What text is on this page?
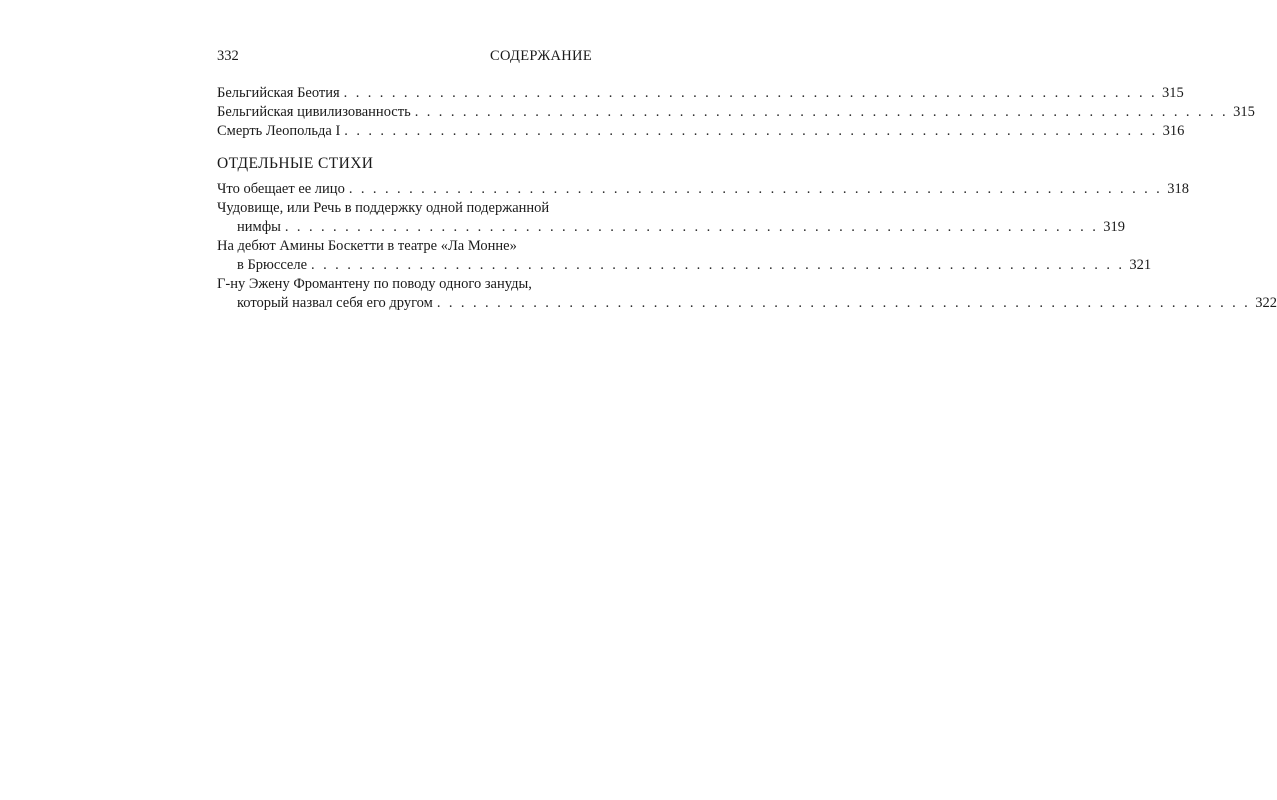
332	СОДЕРЖАНИЕ
Бельгийская Беотия . . . . . . . . . . . . . . . . . . . . . . . . . . . . . . . . . . . . . . . . . . . . . . . . . . . . . . . . . . . . . . . . . . . . 315
Бельгийская цивилизованность . . . . . . . . . . . . . . . . . . . . . . . . . . . . . . . . . . . . . . . . . . . . . . . . . . . . . . . . . . . . . . . . . . . . 315
Смерть Леопольда I . . . . . . . . . . . . . . . . . . . . . . . . . . . . . . . . . . . . . . . . . . . . . . . . . . . . . . . . . . . . . . . . . . . . 316
ОТДЕЛЬНЫЕ СТИХИ
Что обещает ее лицо . . . . . . . . . . . . . . . . . . . . . . . . . . . . . . . . . . . . . . . . . . . . . . . . . . . . . . . . . . . . . . . . . . . . 318
Чудовище, или Речь в поддержку одной подержанной
нимфы . . . . . . . . . . . . . . . . . . . . . . . . . . . . . . . . . . . . . . . . . . . . . . . . . . . . . . . . . . . . . . . . . . . . 319
На дебют Амины Боскетти в театре «Ла Монне»
в Брюсселе . . . . . . . . . . . . . . . . . . . . . . . . . . . . . . . . . . . . . . . . . . . . . . . . . . . . . . . . . . . . . . . . . . . . 321
Г-ну Эжену Фромантену по поводу одного зануды,
который назвал себя его другом . . . . . . . . . . . . . . . . . . . . . . . . . . . . . . . . . . . . . . . . . . . . . . . . . . . . . . . . . . . . . . . . . . . . 322
